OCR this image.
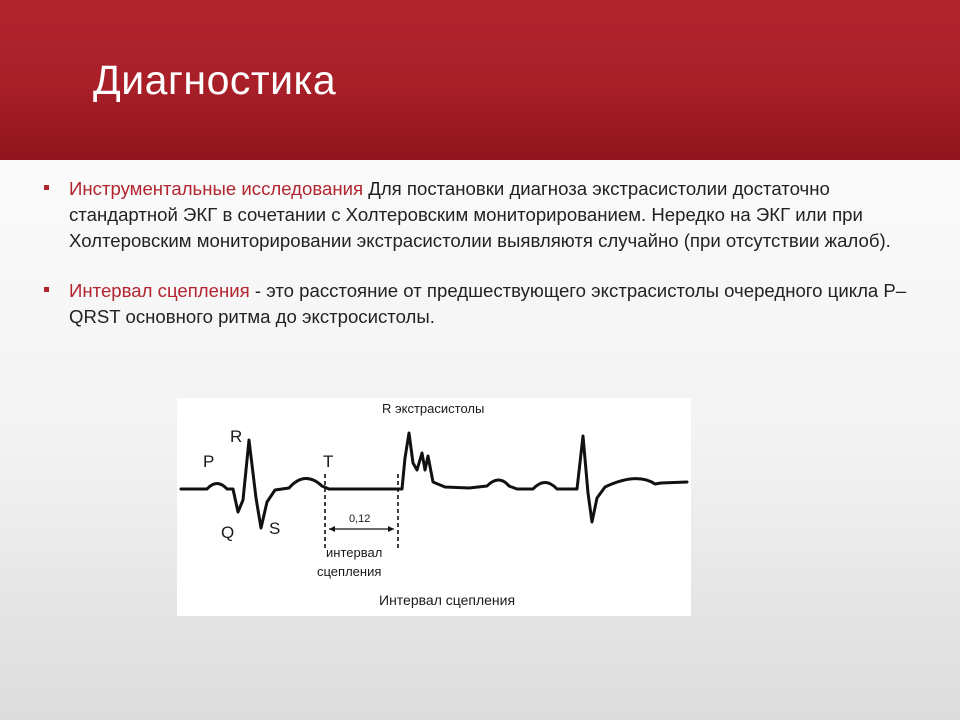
Диагностика
Инструментальные исследования Для постановки диагноза экстрасистолии достаточно стандартной ЭКГ в сочетании с Холтеровским мониторированием. Нередко на ЭКГ или при Холтеровским мониторировании экстрасистолии выявляютя случайно (при отсутствии жалоб).
Интервал сцепления - это расстояние от предшествующего экстрасистолы очередного цикла P–QRST основного ритма до экстросистолы.
P
R
Q S
T
R экстрасистолы
0,12
интервал
сцепления
Интервал сцепления
